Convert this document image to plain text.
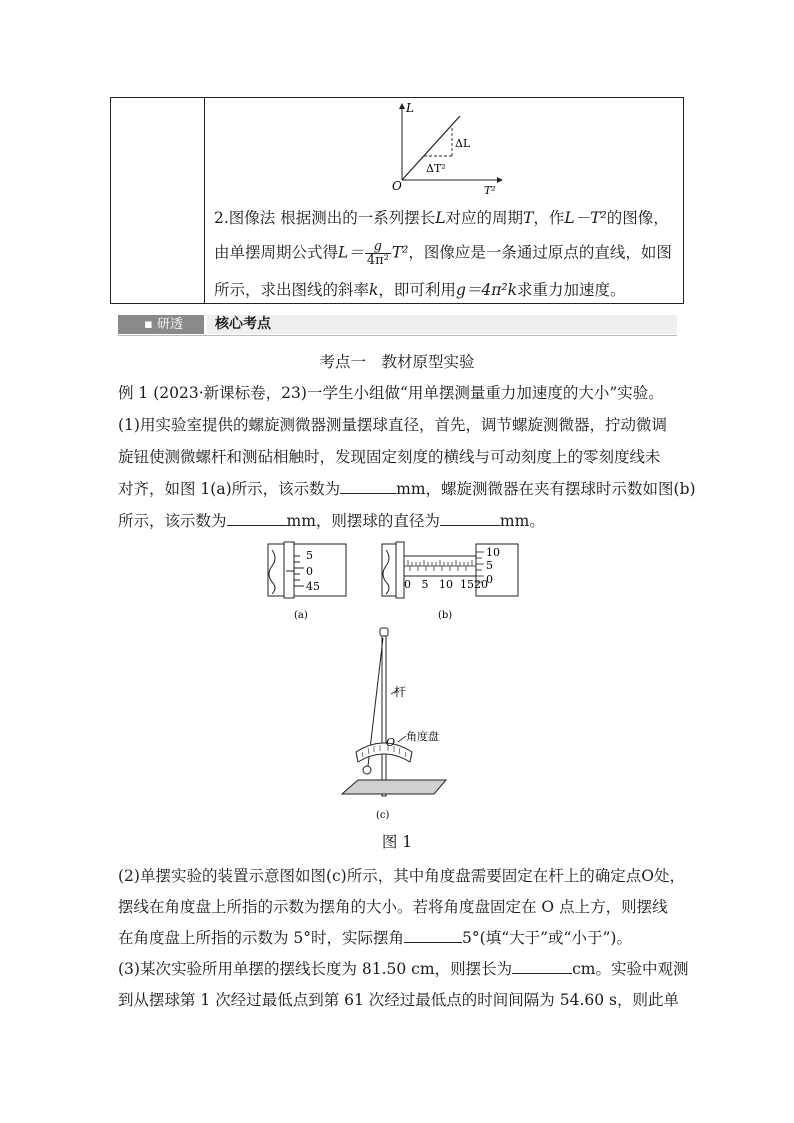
L
O	T²
ΔL
ΔT²
2.图像法 根据测出的一系列摆长L对应的周期T，作L－T²的图像，
由单摆周期公式得$L= \frac{g}{\text{4π²}} T^2$，图像应是一条通过原点的直线，如图
所示，求出图线的斜率k，即可利用g＝4π²k求重力加速度。
▪ 研透	核心考点
考点一　教材原型实验
例 1 (2023·新课标卷，23)一学生小组做“用单摆测量重力加速度的大小”实验。
(1)用实验室提供的螺旋测微器测量摆球直径，首先，调节螺旋测微器，拧动微调
旋钮使测微螺杆和测砧相触时，发现固定刻度的横线与可动刻度上的零刻度线未
对齐，如图 1(a)所示，该示数为	mm，螺旋测微器在夹有摆球时示数如图(b)
所示，该示数为	mm，则摆球的直径为	mm。
5
0
45
(a)
10
5
0
0   5   10  1520
(b)
杆
O 角度盘
(c)
图 1
(2)单摆实验的装置示意图如图(c)所示，其中角度盘需要固定在杆上的确定点O处，
摆线在角度盘上所指的示数为摆角的大小。若将角度盘固定在 O 点上方，则摆线
在角度盘上所指的示数为 5°时，实际摆角	5°(填“大于”或“小于”)。
(3)某次实验所用单摆的摆线长度为 81.50 cm，则摆长为	cm。实验中观测
到从摆球第 1 次经过最低点到第 61 次经过最低点的时间间隔为 54.60 s，则此单
